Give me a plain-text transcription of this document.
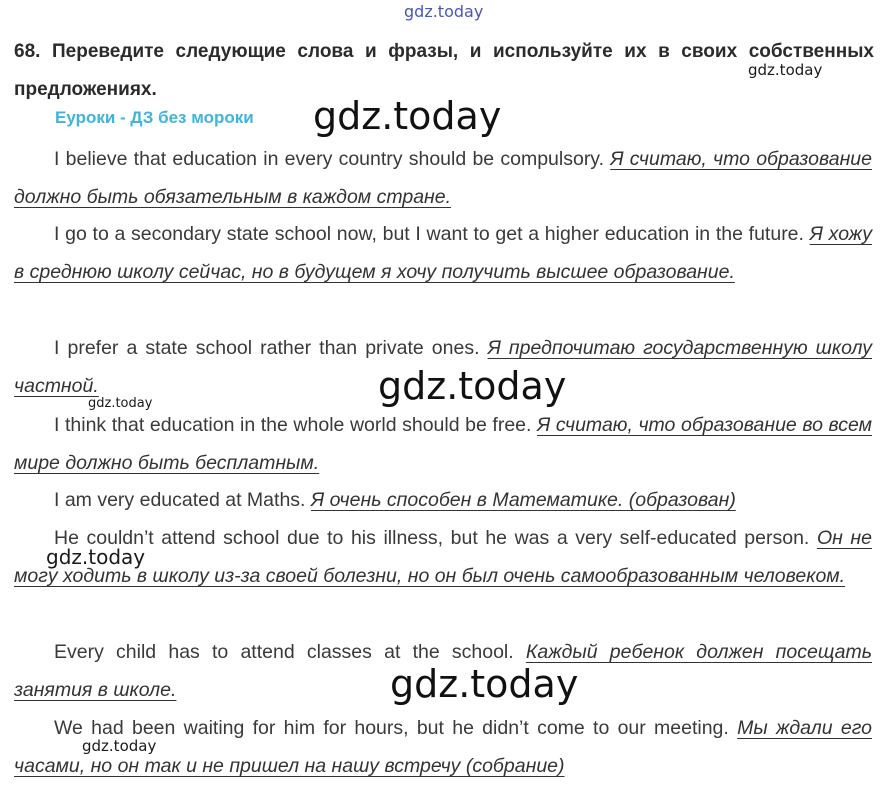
gdz.today
gdz.today
gdz.today
gdz.today
gdz.today
gdz.today
gdz.today
gdz.today
68. Переведите следующие слова и фразы, и используйте их в своих собственных предложениях.
Еуроки - ДЗ без мороки
I believe that education in every country should be compulsory. Я считаю, что образование должно быть обязательным в каждом стране.
I go to a secondary state school now, but I want to get a higher education in the future. Я хожу в среднюю школу сейчас, но в будущем я хочу получить высшее образование.
I prefer a state school rather than private ones. Я предпочитаю государственную школу частной.
I think that education in the whole world should be free. Я считаю, что образование во всем мире должно быть бесплатным.
I am very educated at Maths. Я очень способен в Математике. (образован)
He couldn’t attend school due to his illness, but he was a very self-educated person. Он не могу ходить в школу из-за своей болезни, но он был очень самообразованным человеком.
Every child has to attend classes at the school. Каждый ребенок должен посещать занятия в школе.
We had been waiting for him for hours, but he didn’t come to our meeting. Мы ждали его часами, но он так и не пришел на нашу встречу (собрание)
